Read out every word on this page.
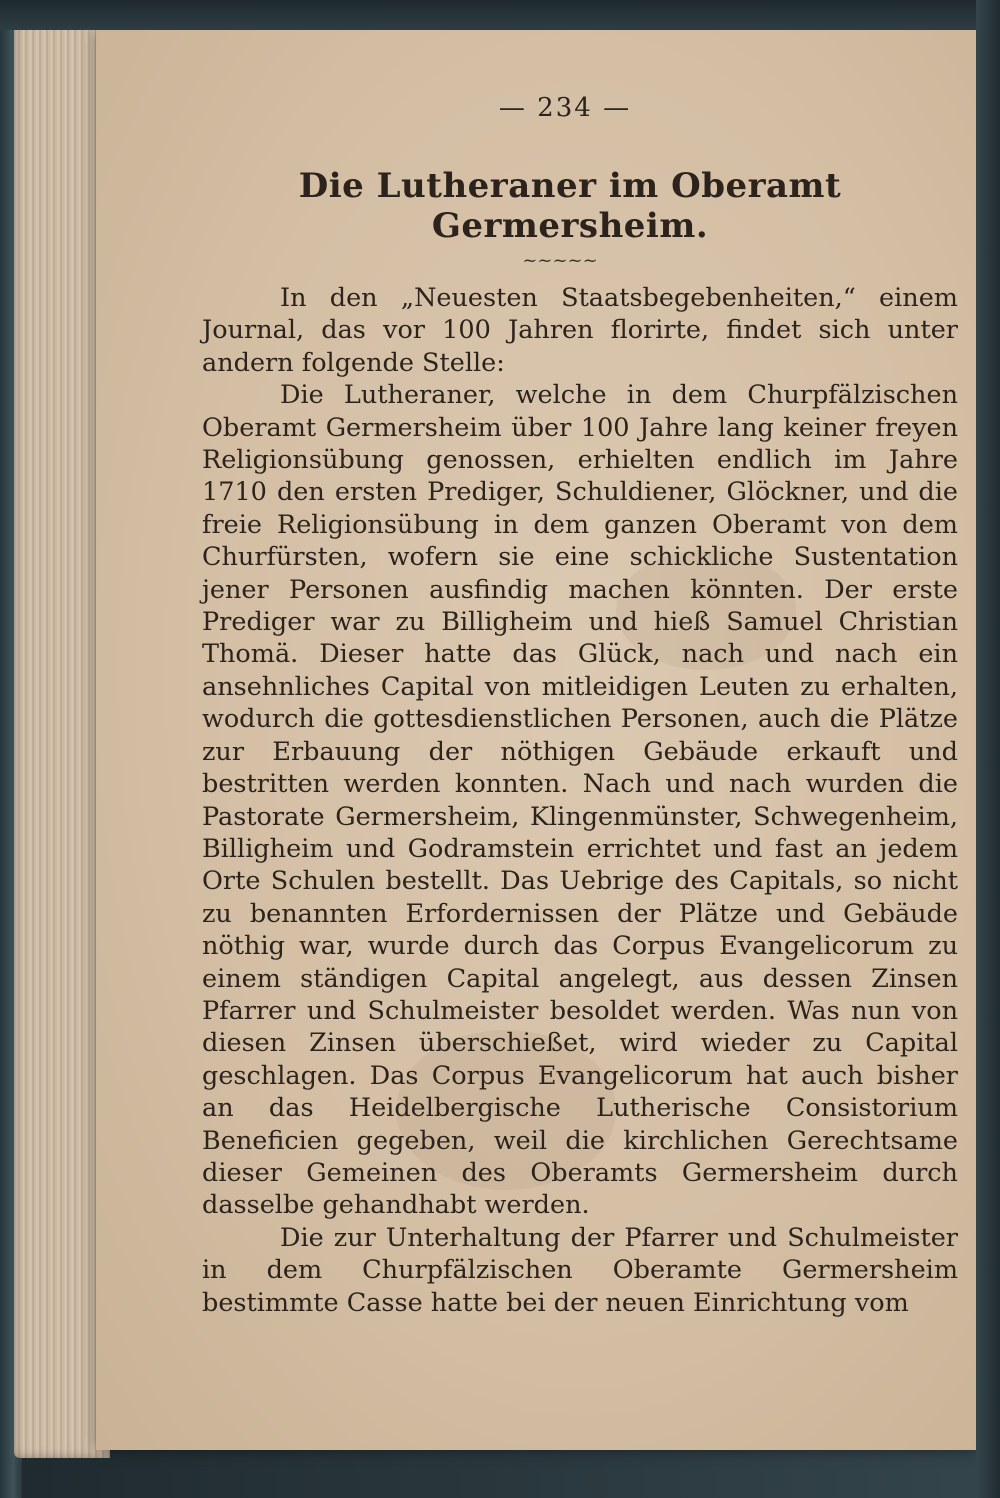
— 234 —
Die Lutheraner im Oberamt Germersheim.
~~~~~

In den „Neuesten Staatsbegebenheiten,“ einem Journal, das vor 100 Jahren florirte, findet sich unter andern folgende Stelle:

Die Lutheraner, welche in dem Churpfälzischen Oberamt Germersheim über 100 Jahre lang keiner freyen Religionsübung genossen, erhielten endlich im Jahre 1710 den ersten Prediger, Schuldiener, Glöckner, und die freie Religionsübung in dem ganzen Oberamt von dem Churfürsten, wofern sie eine schickliche Sustentation jener Personen ausfindig machen könnten. Der erste Prediger war zu Billigheim und hieß Samuel Christian Thomä. Dieser hatte das Glück, nach und nach ein ansehnliches Capital von mitleidigen Leuten zu erhalten, wodurch die gottesdienstlichen Personen, auch die Plätze zur Erbauung der nöthigen Gebäude erkauft und bestritten werden konnten. Nach und nach wurden die Pastorate Germersheim, Klingenmünster, Schwegenheim, Billigheim und Godramstein errichtet und fast an jedem Orte Schulen bestellt. Das Uebrige des Capitals, so nicht zu benannten Erfordernissen der Plätze und Gebäude nöthig war, wurde durch das Corpus Evangelicorum zu einem ständigen Capital angelegt, aus dessen Zinsen Pfarrer und Schulmeister besoldet werden. Was nun von diesen Zinsen überschießet, wird wieder zu Capital geschlagen. Das Corpus Evangelicorum hat auch bisher an das Heidelbergische Lutherische Consistorium Beneficien gegeben, weil die kirchlichen Gerechtsame dieser Gemeinen des Oberamts Germersheim durch dasselbe gehandhabt werden.

Die zur Unterhaltung der Pfarrer und Schulmeister in dem Churpfälzischen Oberamte Germersheim bestimmte Casse hatte bei der neuen Einrichtung vom
